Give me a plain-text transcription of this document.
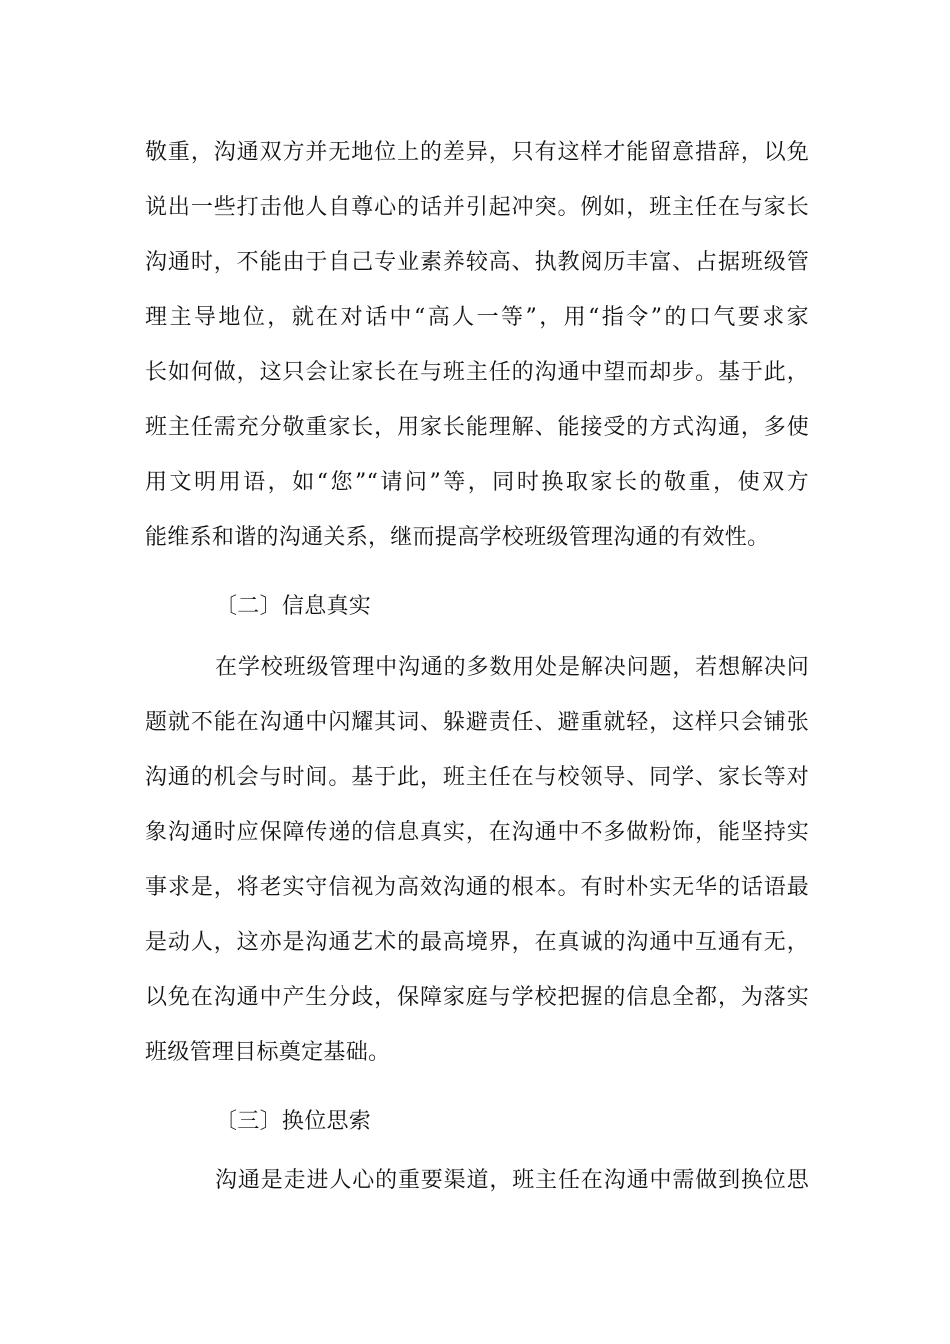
敬重，沟通双方并无地位上的差异，只有这样才能留意措辞，以免
说出一些打击他人自尊心的话并引起冲突。例如，班主任在与家长
沟通时，不能由于自己专业素养较高、执教阅历丰富、占据班级管
理主导地位，就在对话中“高人一等”，用“指令”的口气要求家
长如何做，这只会让家长在与班主任的沟通中望而却步。基于此，
班主任需充分敬重家长，用家长能理解、能接受的方式沟通，多使
用文明用语，如“您”“请问”等，同时换取家长的敬重，使双方
能维系和谐的沟通关系，继而提高学校班级管理沟通的有效性。
〔二〕信息真实
在学校班级管理中沟通的多数用处是解决问题，若想解决问
题就不能在沟通中闪耀其词、躲避责任、避重就轻，这样只会铺张
沟通的机会与时间。基于此，班主任在与校领导、同学、家长等对
象沟通时应保障传递的信息真实，在沟通中不多做粉饰，能坚持实
事求是，将老实守信视为高效沟通的根本。有时朴实无华的话语最
是动人，这亦是沟通艺术的最高境界，在真诚的沟通中互通有无，
以免在沟通中产生分歧，保障家庭与学校把握的信息全都，为落实
班级管理目标奠定基础。
〔三〕换位思索
沟通是走进人心的重要渠道，班主任在沟通中需做到换位思
